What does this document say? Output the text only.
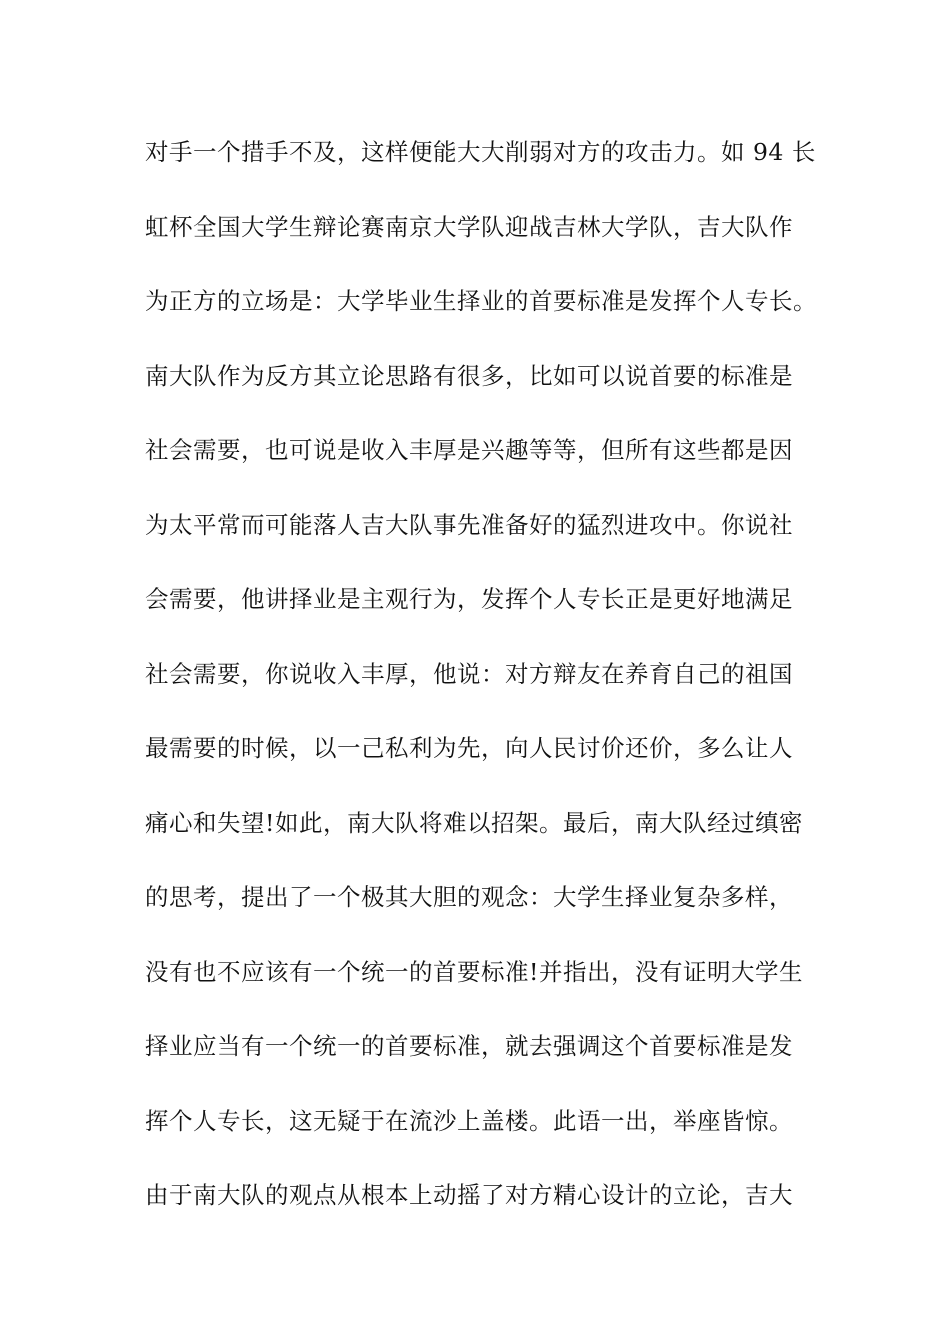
对手一个措手不及，这样便能大大削弱对方的攻击力。如 94 长
虹杯全国大学生辩论赛南京大学队迎战吉林大学队，吉大队作
为正方的立场是：大学毕业生择业的首要标准是发挥个人专长。
南大队作为反方其立论思路有很多，比如可以说首要的标准是
社会需要，也可说是收入丰厚是兴趣等等，但所有这些都是因
为太平常而可能落人吉大队事先准备好的猛烈进攻中。你说社
会需要，他讲择业是主观行为，发挥个人专长正是更好地满足
社会需要，你说收入丰厚，他说：对方辩友在养育自己的祖国
最需要的时候，以一己私利为先，向人民讨价还价，多么让人
痛心和失望!如此，南大队将难以招架。最后，南大队经过缜密
的思考，提出了一个极其大胆的观念：大学生择业复杂多样，
没有也不应该有一个统一的首要标准!并指出，没有证明大学生
择业应当有一个统一的首要标准，就去强调这个首要标准是发
挥个人专长，这无疑于在流沙上盖楼。此语一出，举座皆惊。
由于南大队的观点从根本上动摇了对方精心设计的立论，吉大
